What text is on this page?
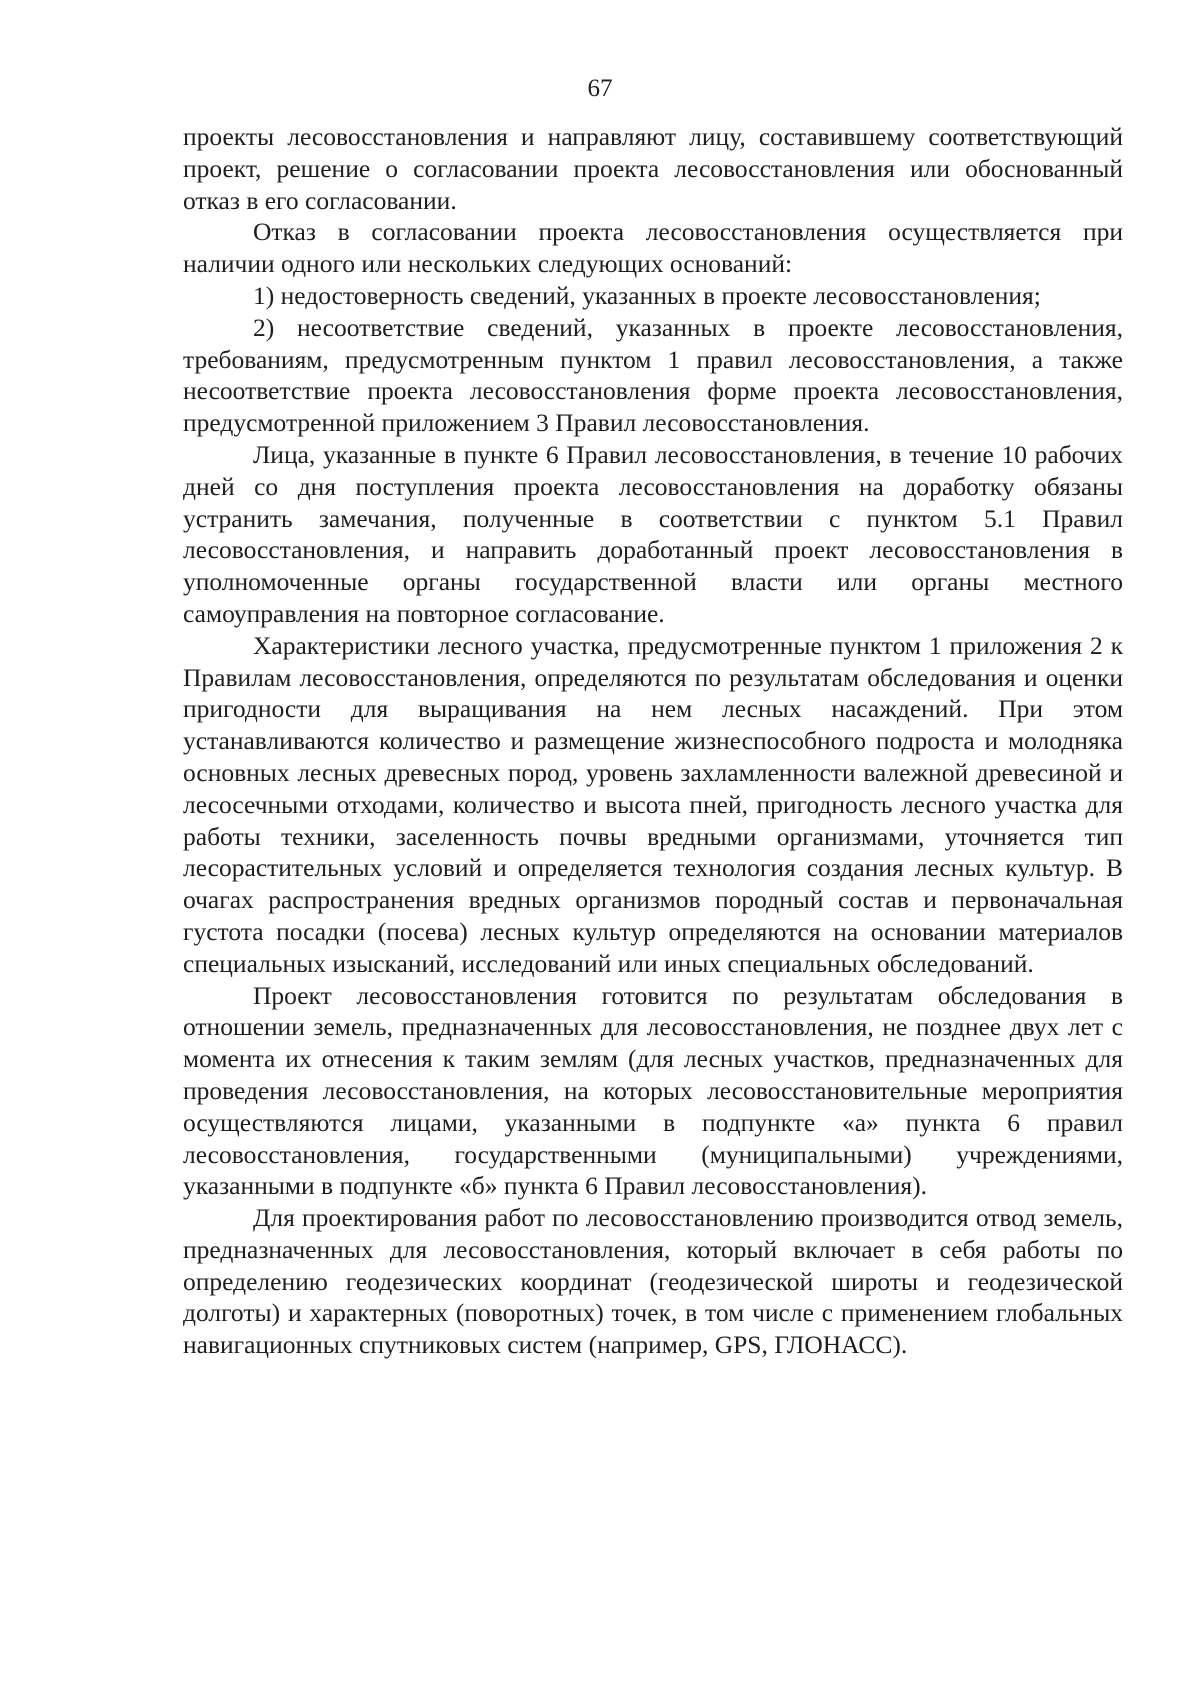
67

проекты лесовосстановления и направляют лицу, составившему соответствующий проект, решение о согласовании проекта лесовосстановления или обоснованный отказ в его согласовании.

Отказ в согласовании проекта лесовосстановления осуществляется при наличии одного или нескольких следующих оснований:

1) недостоверность сведений, указанных в проекте лесовосстановления;

2) несоответствие сведений, указанных в проекте лесовосстановления, требованиям, предусмотренным пунктом 1 правил лесовосстановления, а также несоответствие проекта лесовосстановления форме проекта лесовосстановления, предусмотренной приложением 3 Правил лесовосстановления.

Лица, указанные в пункте 6 Правил лесовосстановления, в течение 10 рабочих дней со дня поступления проекта лесовосстановления на доработку обязаны устранить замечания, полученные в соответствии с пунктом 5.1 Правил лесовосстановления, и направить доработанный проект лесовосстановления в уполномоченные органы государственной власти или органы местного самоуправления на повторное согласование.

Характеристики лесного участка, предусмотренные пунктом 1 приложения 2 к Правилам лесовосстановления, определяются по результатам обследования и оценки пригодности для выращивания на нем лесных насаждений. При этом устанавливаются количество и размещение жизнеспособного подроста и молодняка основных лесных древесных пород, уровень захламленности валежной древесиной и лесосечными отходами, количество и высота пней, пригодность лесного участка для работы техники, заселенность почвы вредными организмами, уточняется тип лесорастительных условий и определяется технология создания лесных культур. В очагах распространения вредных организмов породный состав и первоначальная густота посадки (посева) лесных культур определяются на основании материалов специальных изысканий, исследований или иных специальных обследований.

Проект лесовосстановления готовится по результатам обследования в отношении земель, предназначенных для лесовосстановления, не позднее двух лет с момента их отнесения к таким землям (для лесных участков, предназначенных для проведения лесовосстановления, на которых лесовосстановительные мероприятия осуществляются лицами, указанными в подпункте «а» пункта 6 правил лесовосстановления, государственными (муниципальными) учреждениями, указанными в подпункте «б» пункта 6 Правил лесовосстановления).

Для проектирования работ по лесовосстановлению производится отвод земель, предназначенных для лесовосстановления, который включает в себя работы по определению геодезических координат (геодезической широты и геодезической долготы) и характерных (поворотных) точек, в том числе с применением глобальных навигационных спутниковых систем (например, GPS, ГЛОНАСС).
